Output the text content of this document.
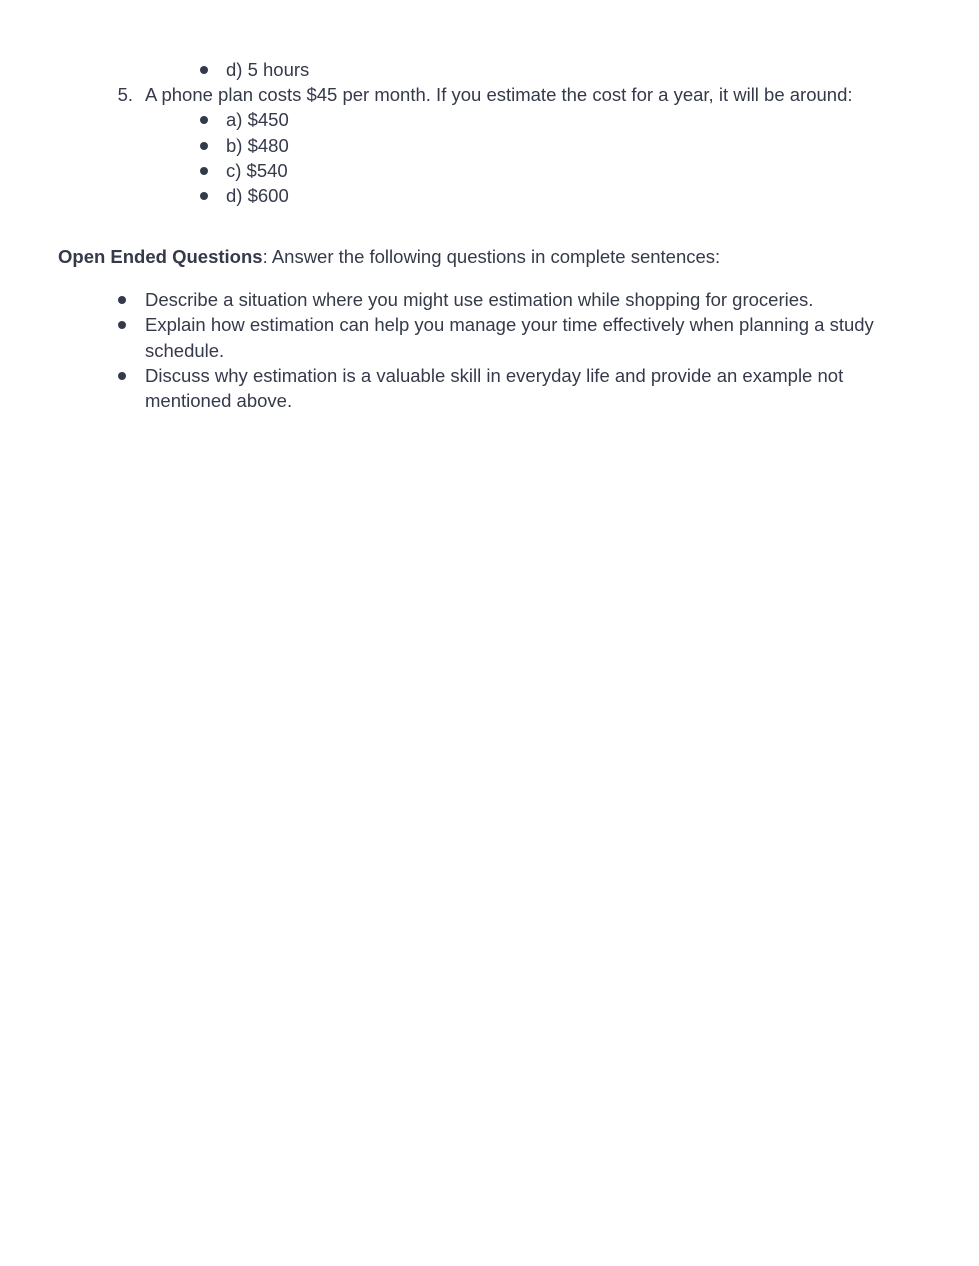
d) 5 hours
5. A phone plan costs $45 per month. If you estimate the cost for a year, it will be around:
a) $450
b) $480
c) $540
d) $600
Open Ended Questions: Answer the following questions in complete sentences:
Describe a situation where you might use estimation while shopping for groceries.
Explain how estimation can help you manage your time effectively when planning a study
schedule.
Discuss why estimation is a valuable skill in everyday life and provide an example not
mentioned above.
